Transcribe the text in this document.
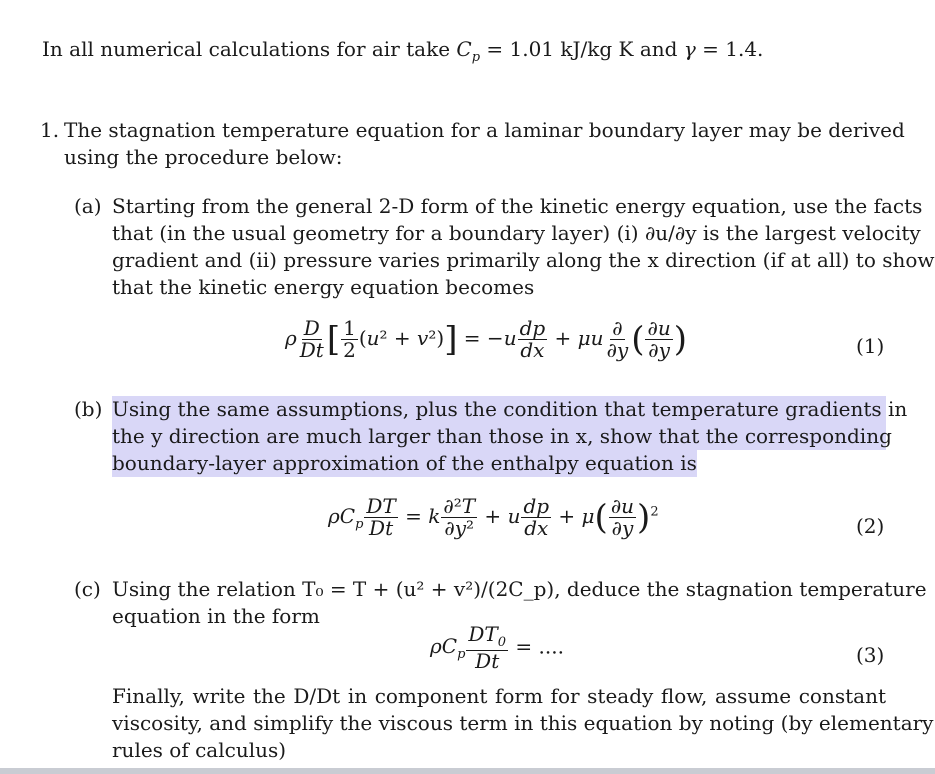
In all numerical calculations for air take $C_p = 1.01$ kJ/kg K and γ = 1.4.
1. The stagnation temperature equation for a laminar boundary layer may be derived
using the procedure below:
(a) Starting from the general 2-D form of the kinetic energy equation, use the facts
that (in the usual geometry for a boundary layer) (i) ∂u/∂y is the largest velocity
gradient and (ii) pressure varies primarily along the x direction (if at all) to show
that the kinetic energy equation becomes
ρ $\frac{D}{Dt}$ [ $\frac{1}{2} (u^2 + v^2)] = -u \frac{dp}{dx} + \mu u \frac{\partial}{\partial y}$ ( $\frac{\partial u}{\partial y}$ )	(1)
(b) Using the same assumptions, plus the condition that temperature gradients in
the y direction are much larger than those in x, show that the corresponding
boundary-layer approximation of the enthalpy equation is
$\rho C_p \frac{DT}{Dt} = k \frac{\text{∂²T}}{\text{∂y²}} + u \frac{dp}{dx} + \mu( \frac{\partial u}{\partial y} )^2$
(2)
(c) Using the relation T₀ = T + (u² + v²)/(2C_p), deduce the stagnation temperature
equation in the form
$\rho C_p \frac{DT_0}{Dt}$ = ....	(3)
Finally, write the D/Dt in component form for steady flow, assume constant
viscosity, and simplify the viscous term in this equation by noting (by elementary
rules of calculus)
